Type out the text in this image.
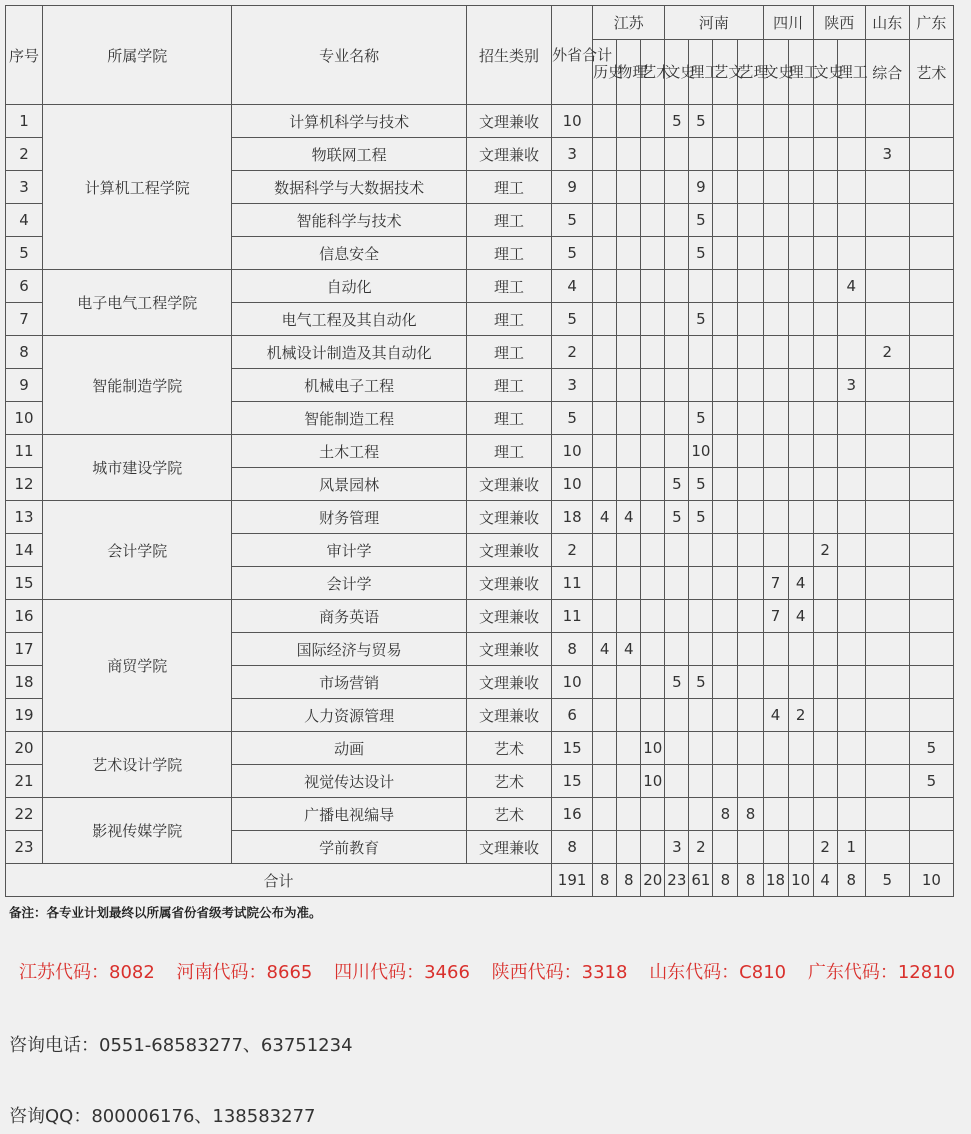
序号	所属学院	专业名称	招生类别	外省合计	江苏			河南				四川		陕西		山东	广东
					历史	物理	艺术	文史	理工	艺文	艺理	文史	理工	文史	理工	综合	艺术
1	计算机工程学院	计算机科学与技术	文理兼收	10				5	5								
2		物联网工程	文理兼收	3												3	
3		数据科学与大数据技术	理工	9					9								
4		智能科学与技术	理工	5					5								
5		信息安全	理工	5					5								
6	电子电气工程学院	自动化	理工	4											4		
7		电气工程及其自动化	理工	5					5								
8	智能制造学院	机械设计制造及其自动化	理工	2												2	
9		机械电子工程	理工	3											3		
10		智能制造工程	理工	5					5								
11	城市建设学院	土木工程	理工	10					10								
12		风景园林	文理兼收	10				5	5								
13	会计学院	财务管理	文理兼收	18	4	4		5	5								
14		审计学	文理兼收	2										2			
15		会计学	文理兼收	11								7	4				
16	商贸学院	商务英语	文理兼收	11								7	4				
17		国际经济与贸易	文理兼收	8	4	4											
18		市场营销	文理兼收	10				5	5								
19		人力资源管理	文理兼收	6								4	2				
20	艺术设计学院	动画	艺术	15			10										5
21		视觉传达设计	艺术	15			10										5
22	影视传媒学院	广播电视编导	艺术	16						8	8						
23		学前教育	文理兼收	8				3	2					2	1		
合计				191	8	8	20	23	61	8	8	18	10	4	8	5	10
备注：各专业计划最终以所属省份省级考试院公布为准。
江苏代码：8082 河南代码：8665 四川代码：3466 陕西代码：3318 山东代码：C810 广东代码：12810
咨询电话：0551-68583277、63751234
咨询QQ：800006176、138583277
